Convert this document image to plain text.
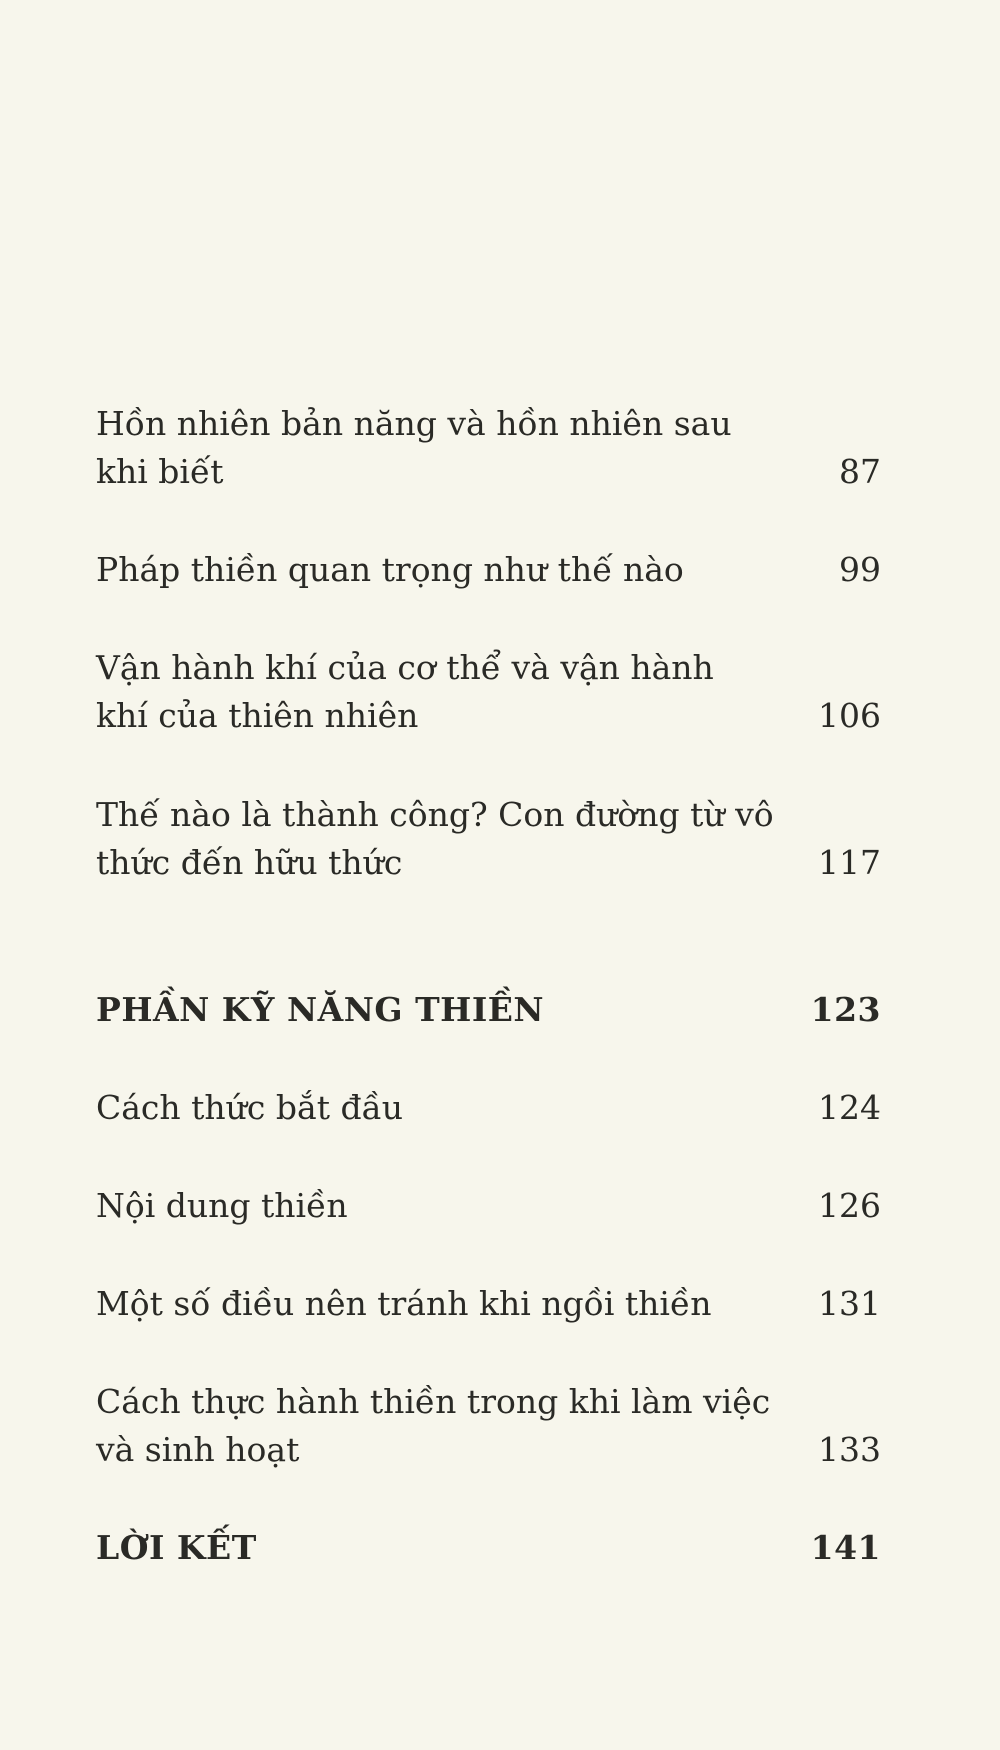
Hồn nhiên bản năng và hồn nhiên sau khi biết	87
Pháp thiền quan trọng như thế nào	99
Vận hành khí của cơ thể và vận hành khí của thiên nhiên	106
Thế nào là thành công? Con đường từ vô thức đến hữu thức	117
PHẦN KỸ NĂNG THIỀN	123
Cách thức bắt đầu	124
Nội dung thiền	126
Một số điều nên tránh khi ngồi thiền	131
Cách thực hành thiền trong khi làm việc và sinh hoạt	133
LỜI KẾT	141
